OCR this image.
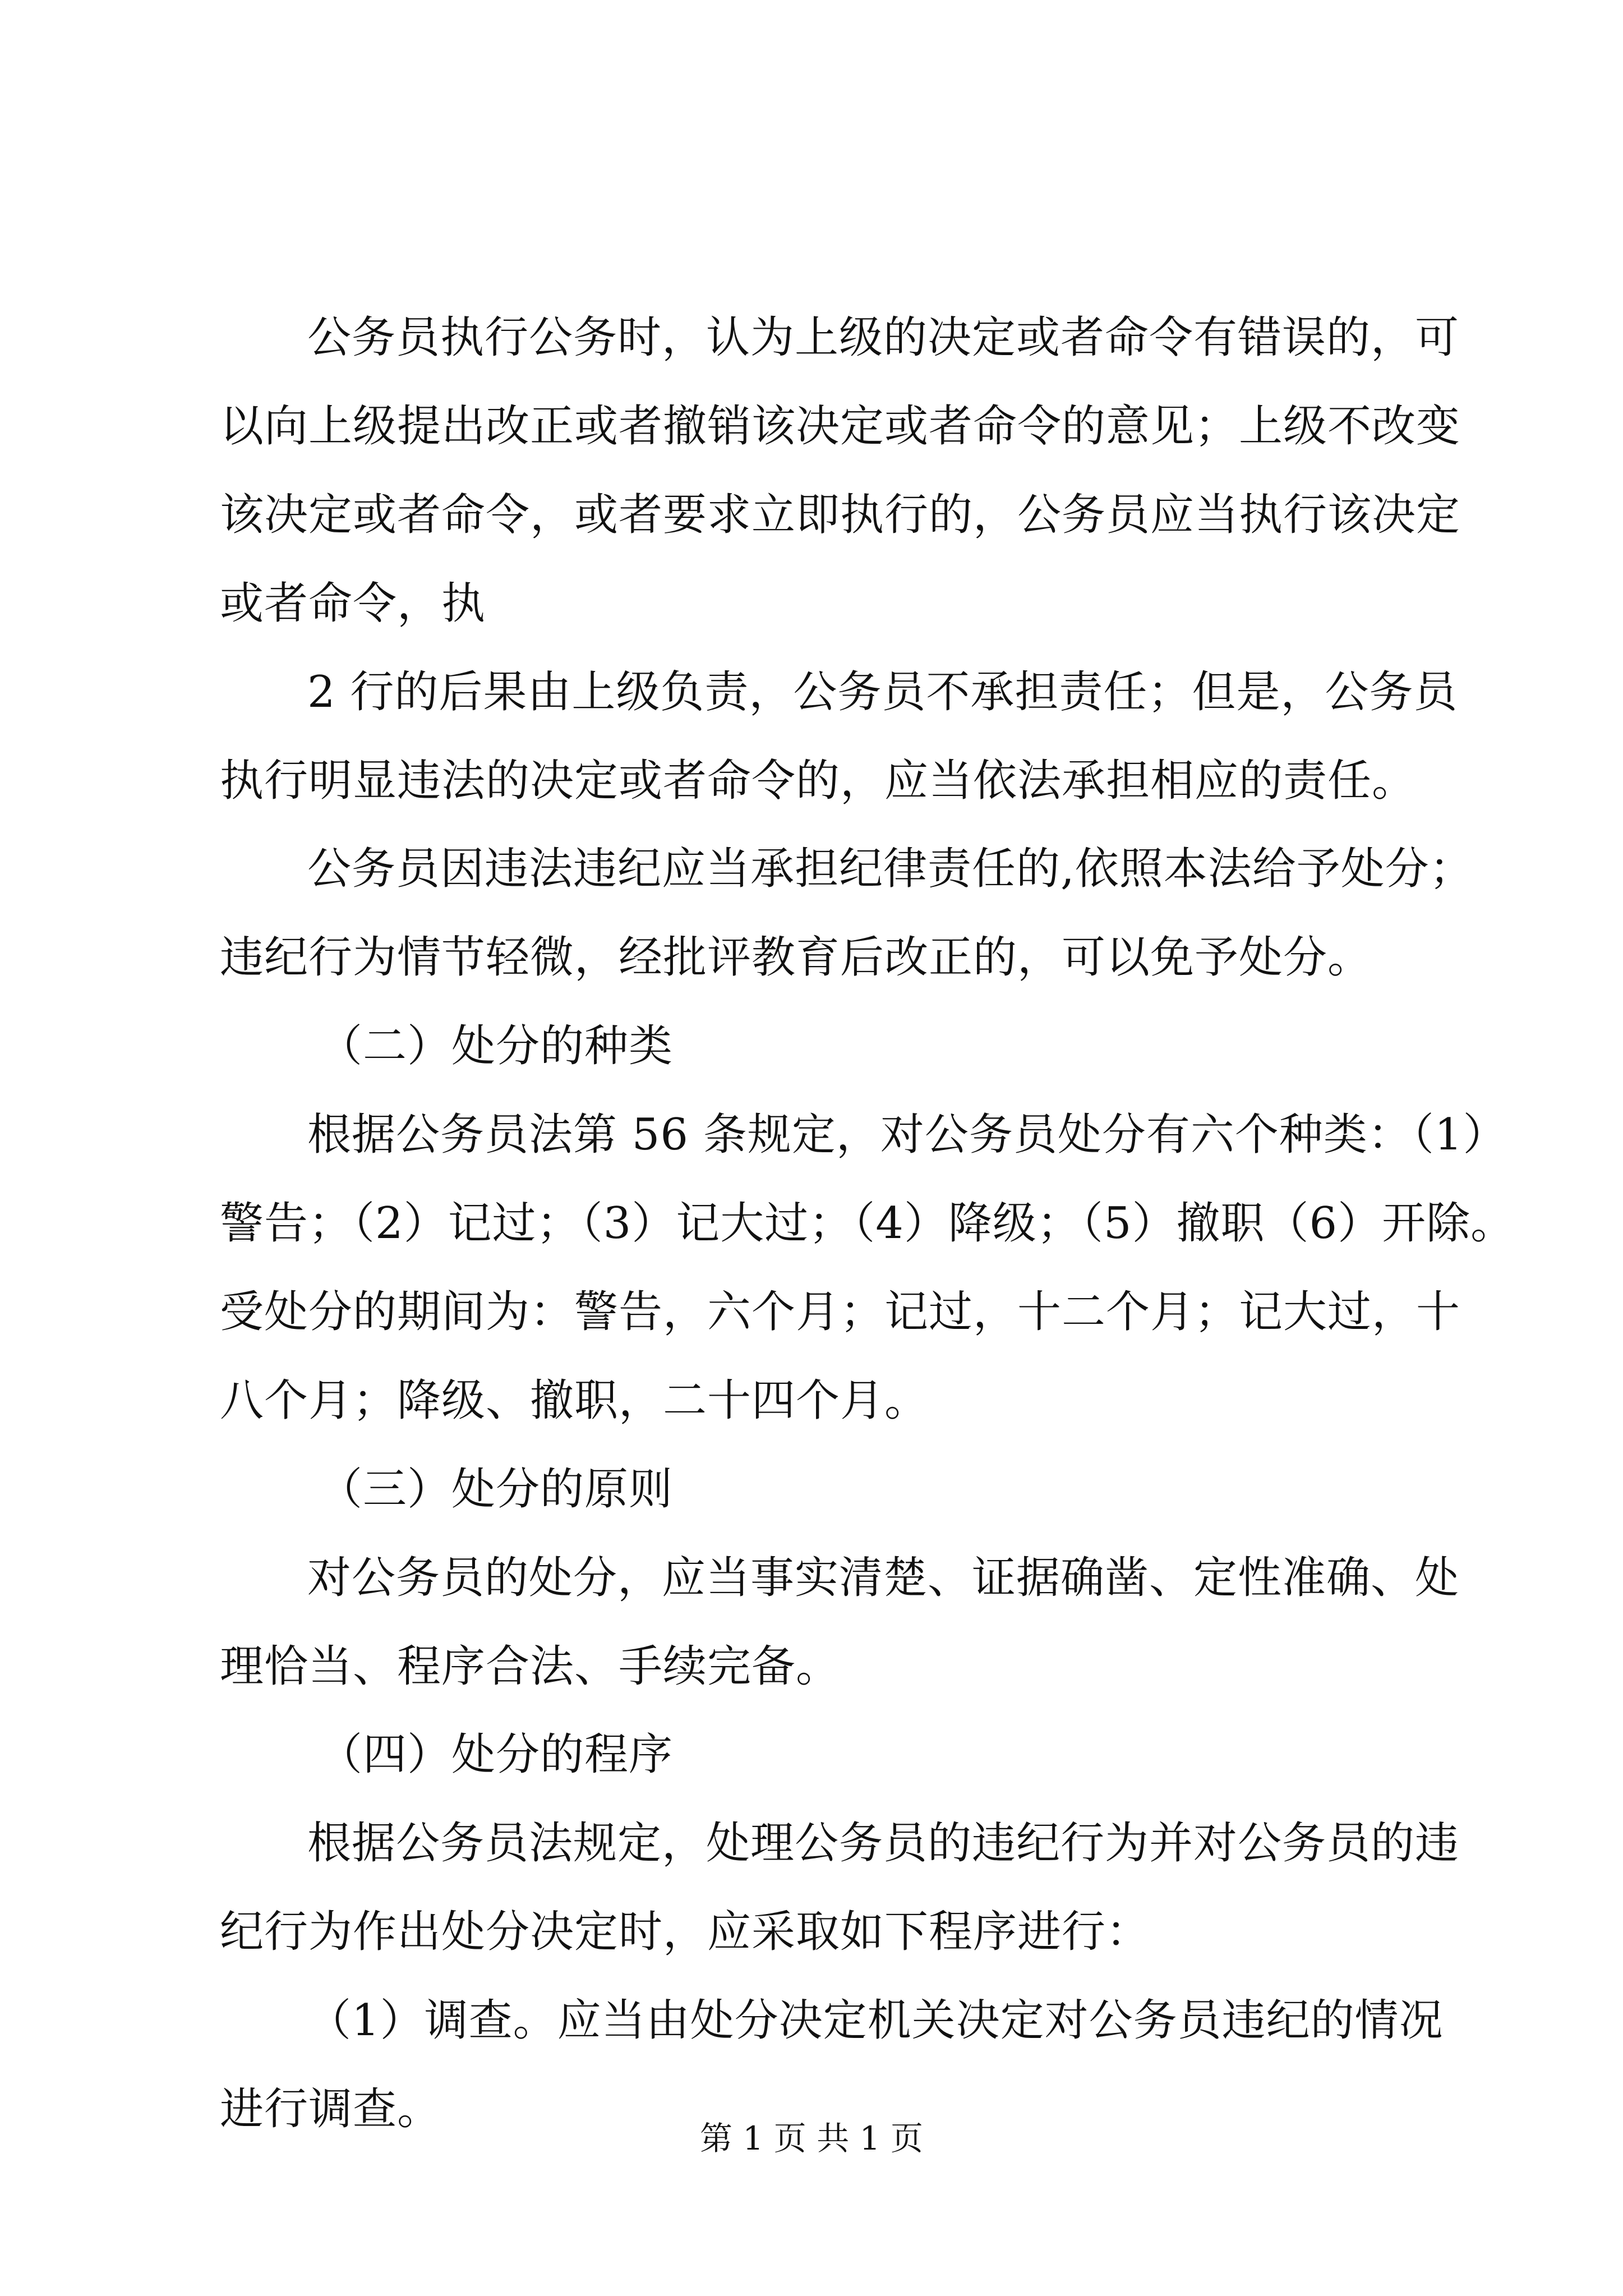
公务员执行公务时，认为上级的决定或者命令有错误的，可
以向上级提出改正或者撤销该决定或者命令的意见；上级不改变
该决定或者命令，或者要求立即执行的，公务员应当执行该决定
或者命令，执
2 行的后果由上级负责，公务员不承担责任；但是，公务员
执行明显违法的决定或者命令的，应当依法承担相应的责任。
公务员因违法违纪应当承担纪律责任的,依照本法给予处分；
违纪行为情节轻微，经批评教育后改正的，可以免予处分。
（二）处分的种类
根据公务员法第 56 条规定，对公务员处分有六个种类：（1）
警告；（2）记过；（3）记大过；（4）降级；（5）撤职（6）开除。
受处分的期间为：警告，六个月；记过，十二个月；记大过，十
八个月；降级、撤职，二十四个月。
（三）处分的原则
对公务员的处分，应当事实清楚、证据确凿、定性准确、处
理恰当、程序合法、手续完备。
（四）处分的程序
根据公务员法规定，处理公务员的违纪行为并对公务员的违
纪行为作出处分决定时，应采取如下程序进行：
（1）调查。应当由处分决定机关决定对公务员违纪的情况
进行调查。
第 1 页 共 1 页
